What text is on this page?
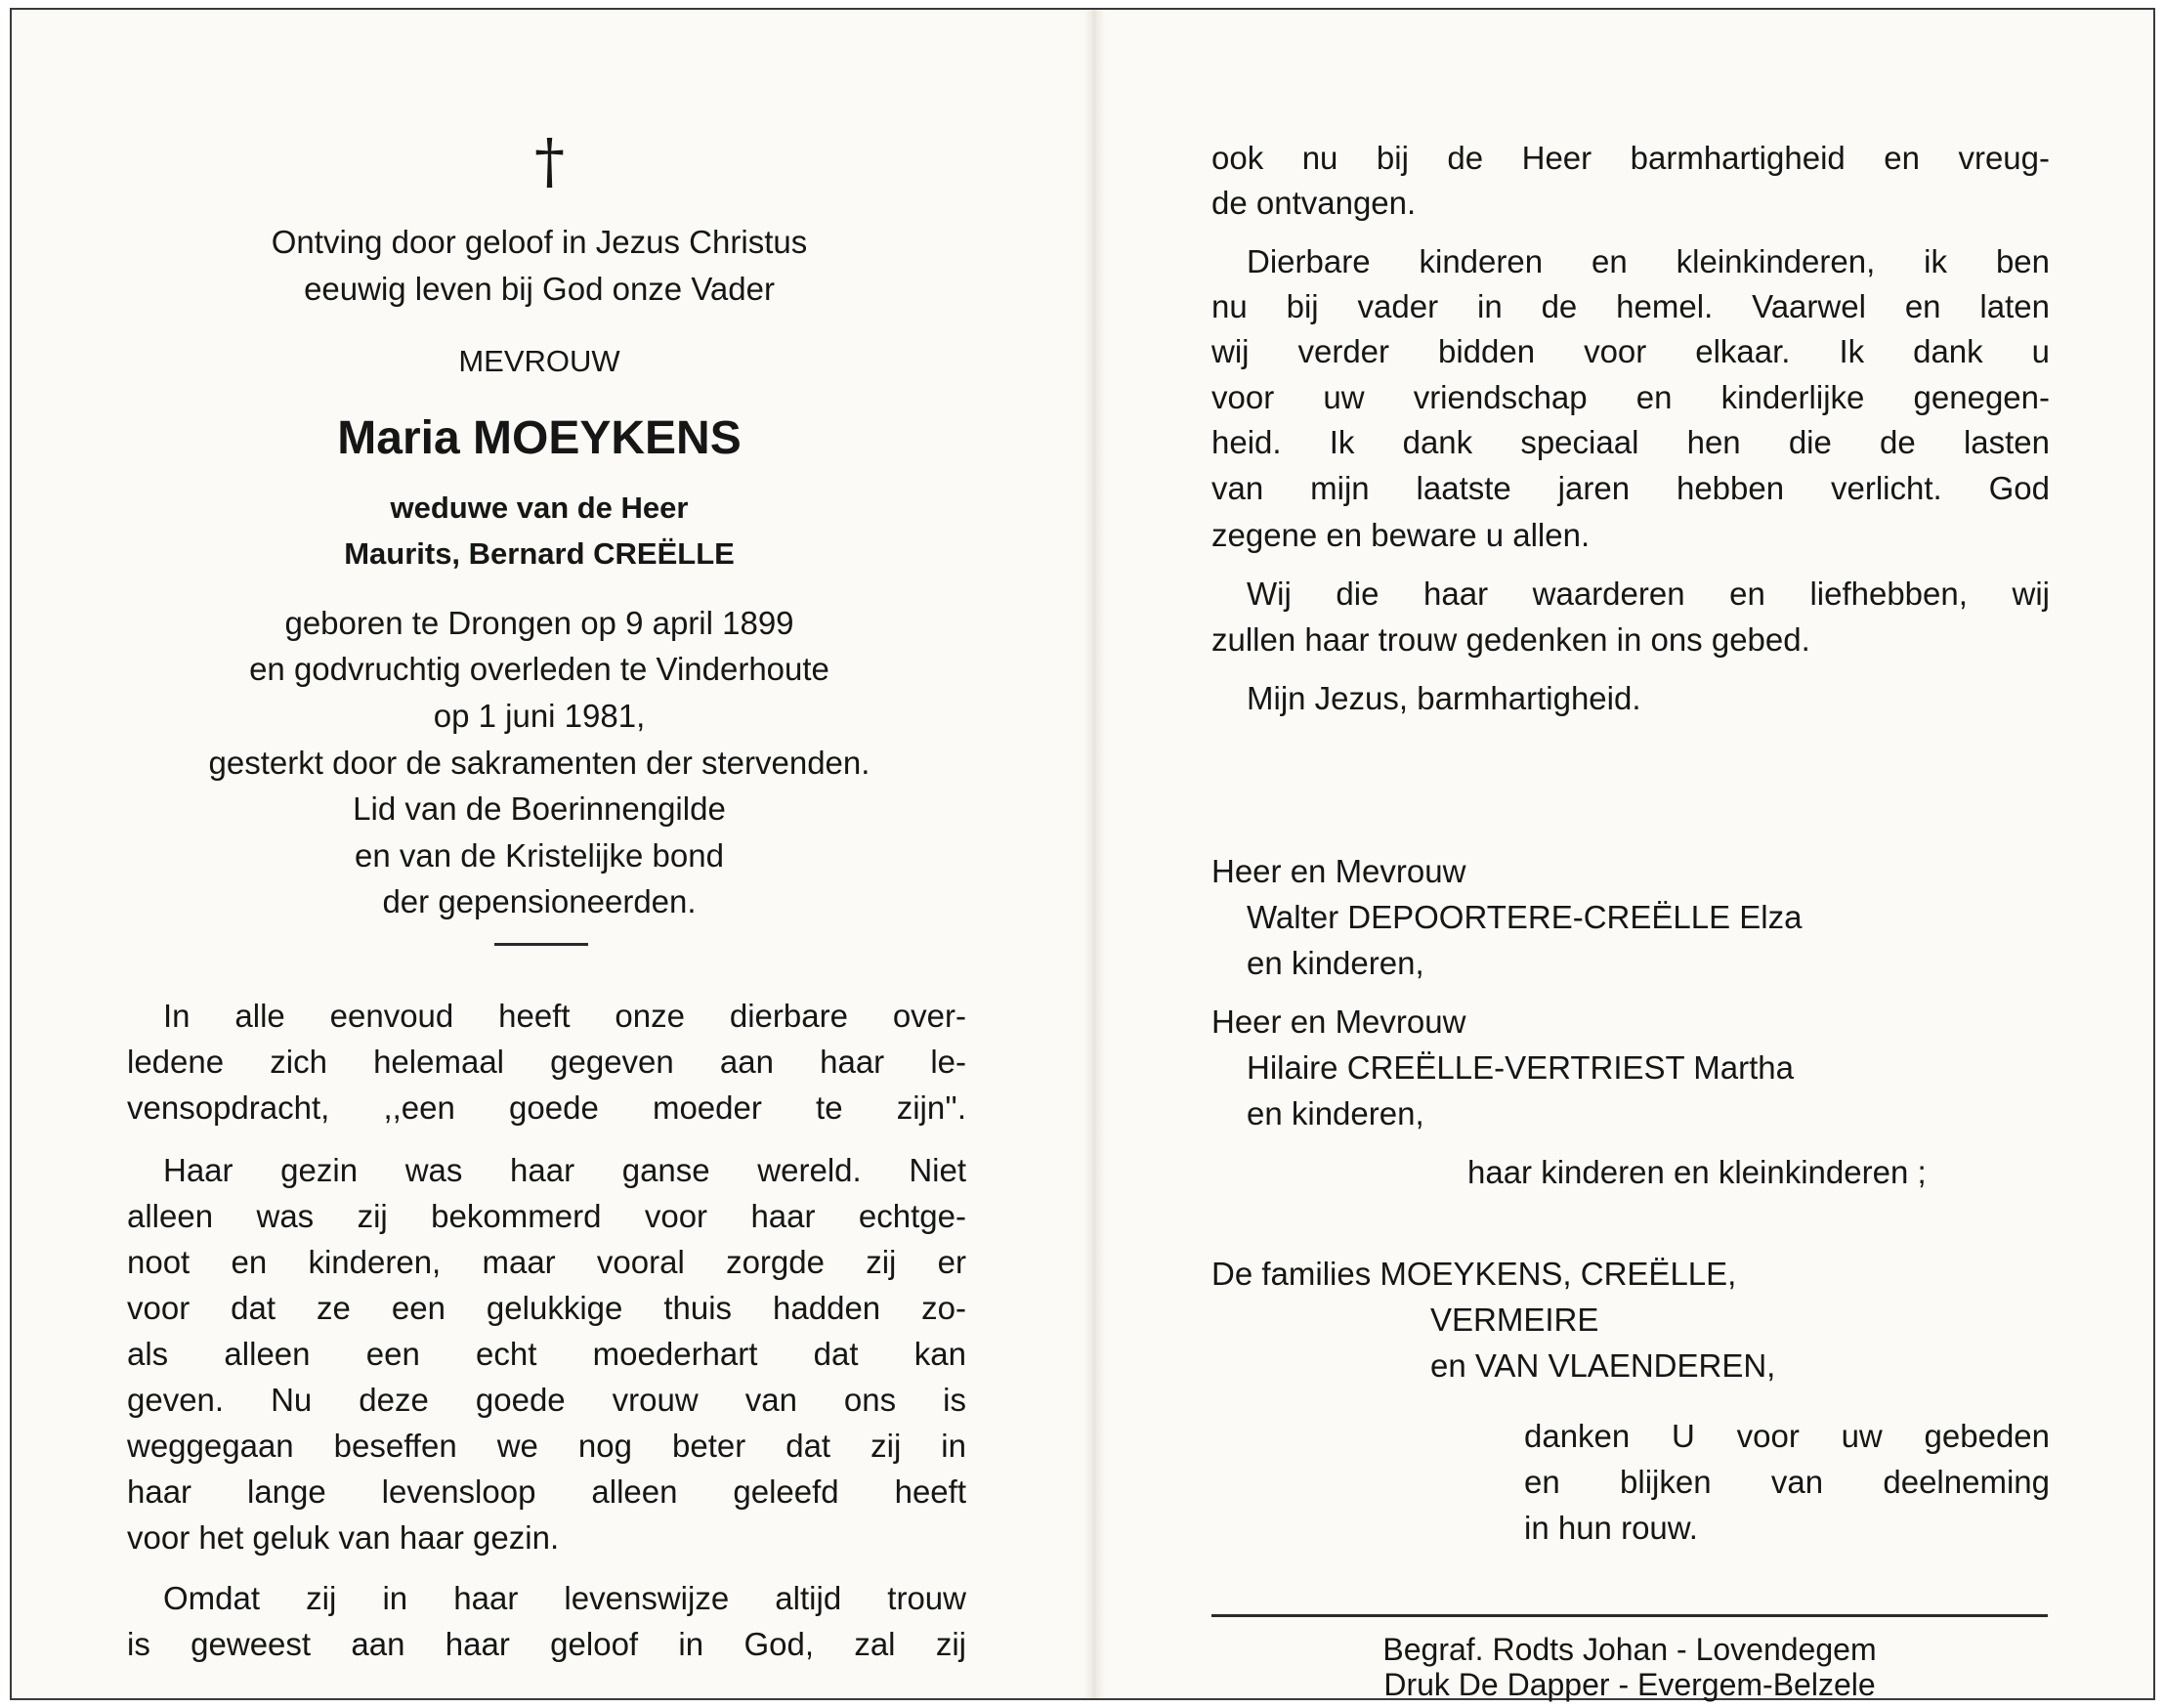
†
Ontving door geloof in Jezus Christus
eeuwig leven bij God onze Vader
MEVROUW
Maria MOEYKENS
weduwe van de Heer
Maurits, Bernard CREËLLE
geboren te Drongen op 9 april 1899
en godvruchtig overleden te Vinderhoute
op 1 juni 1981,
gesterkt door de sakramenten der stervenden.
Lid van de Boerinnengilde
en van de Kristelijke bond
der gepensioneerden.
In alle eenvoud heeft onze dierbare over-
ledene zich helemaal gegeven aan haar le-
vensopdracht, ,,een goede moeder te zijn''.
Haar gezin was haar ganse wereld. Niet
alleen was zij bekommerd voor haar echtge-
noot en kinderen, maar vooral zorgde zij er
voor dat ze een gelukkige thuis hadden zo-
als alleen een echt moederhart dat kan
geven. Nu deze goede vrouw van ons is
weggegaan beseffen we nog beter dat zij in
haar lange levensloop alleen geleefd heeft
voor het geluk van haar gezin.
Omdat zij in haar levenswijze altijd trouw
is geweest aan haar geloof in God, zal zij
ook nu bij de Heer barmhartigheid en vreug-
de ontvangen.
Dierbare kinderen en kleinkinderen, ik ben
nu bij vader in de hemel. Vaarwel en laten
wij verder bidden voor elkaar. Ik dank u
voor uw vriendschap en kinderlijke genegen-
heid. Ik dank speciaal hen die de lasten
van mijn laatste jaren hebben verlicht. God
zegene en beware u allen.
Wij die haar waarderen en liefhebben, wij
zullen haar trouw gedenken in ons gebed.
Mijn Jezus, barmhartigheid.
Heer en Mevrouw
Walter DEPOORTERE-CREËLLE Elza
en kinderen,
Heer en Mevrouw
Hilaire CREËLLE-VERTRIEST Martha
en kinderen,
haar kinderen en kleinkinderen ;
De families MOEYKENS, CREËLLE,
VERMEIRE
en VAN VLAENDEREN,
danken U voor uw gebeden
en blijken van deelneming
in hun rouw.
Begraf. Rodts Johan - Lovendegem
Druk De Dapper - Evergem-Belzele
